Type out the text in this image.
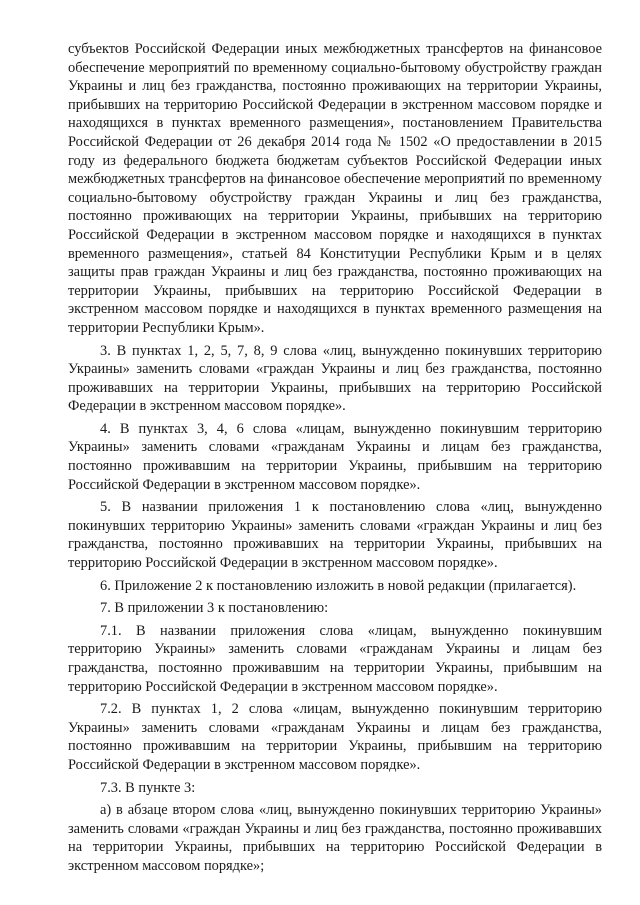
субъектов Российской Федерации иных межбюджетных трансфертов на финансовое обеспечение мероприятий по временному социально-бытовому обустройству граждан Украины и лиц без гражданства, постоянно проживающих на территории Украины, прибывших на территорию Российской Федерации в экстренном массовом порядке и находящихся в пунктах временного размещения», постановлением Правительства Российской Федерации от 26 декабря 2014 года № 1502 «О предоставлении в 2015 году из федерального бюджета бюджетам субъектов Российской Федерации иных межбюджетных трансфертов на финансовое обеспечение мероприятий по временному социально-бытовому обустройству граждан Украины и лиц без гражданства, постоянно проживающих на территории Украины, прибывших на территорию Российской Федерации в экстренном массовом порядке и находящихся в пунктах временного размещения», статьей 84 Конституции Республики Крым и в целях защиты прав граждан Украины и лиц без гражданства, постоянно проживающих на территории Украины, прибывших на территорию Российской Федерации в экстренном массовом порядке и находящихся в пунктах временного размещения на территории Республики Крым».

3. В пунктах 1, 2, 5, 7, 8, 9 слова «лиц, вынужденно покинувших территорию Украины» заменить словами «граждан Украины и лиц без гражданства, постоянно проживавших на территории Украины, прибывших на территорию Российской Федерации в экстренном массовом порядке».

4. В пунктах 3, 4, 6 слова «лицам, вынужденно покинувшим территорию Украины» заменить словами «гражданам Украины и лицам без гражданства, постоянно проживавшим на территории Украины, прибывшим на территорию Российской Федерации в экстренном массовом порядке».

5. В названии приложения 1 к постановлению слова «лиц, вынужденно покинувших территорию Украины» заменить словами «граждан Украины и лиц без гражданства, постоянно проживавших на территории Украины, прибывших на территорию Российской Федерации в экстренном массовом порядке».

6. Приложение 2 к постановлению изложить в новой редакции (прилагается).

7. В приложении 3 к постановлению:

7.1. В названии приложения слова «лицам, вынужденно покинувшим территорию Украины» заменить словами «гражданам Украины и лицам без гражданства, постоянно проживавшим на территории Украины, прибывшим на территорию Российской Федерации в экстренном массовом порядке».

7.2. В пунктах 1, 2 слова «лицам, вынужденно покинувшим территорию Украины» заменить словами «гражданам Украины и лицам без гражданства, постоянно проживавшим на территории Украины, прибывшим на территорию Российской Федерации в экстренном массовом порядке».

7.3. В пункте 3:

а) в абзаце втором слова «лиц, вынужденно покинувших территорию Украины» заменить словами «граждан Украины и лиц без гражданства, постоянно проживавших на территории Украины, прибывших на территорию Российской Федерации в экстренном массовом порядке»;
